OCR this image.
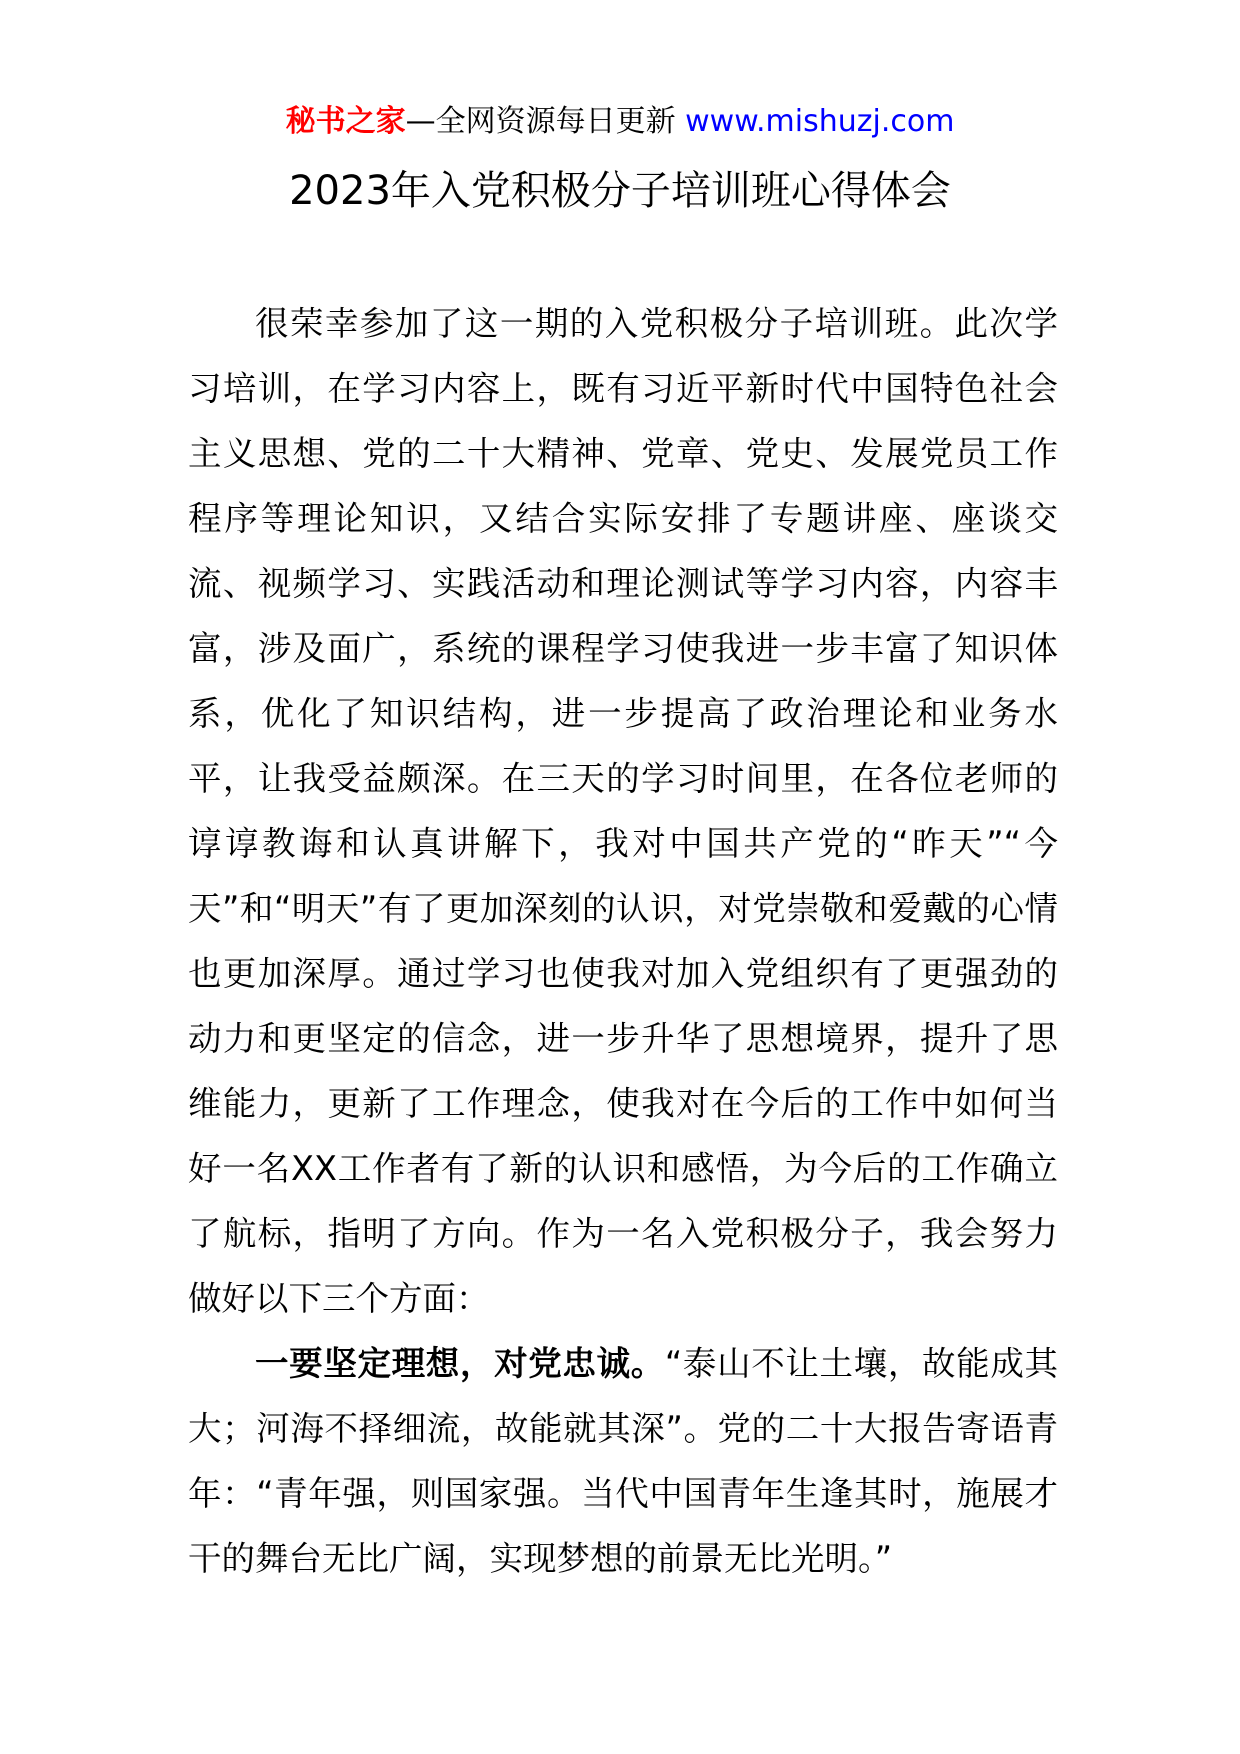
秘书之家—全网资源每日更新 www.mishuzj.com
2023年入党积极分子培训班心得体会

很荣幸参加了这一期的入党积极分子培训班。此次学习培训，在学习内容上，既有习近平新时代中国特色社会主义思想、党的二十大精神、党章、党史、发展党员工作程序等理论知识，又结合实际安排了专题讲座、座谈交流、视频学习、实践活动和理论测试等学习内容，内容丰富，涉及面广，系统的课程学习使我进一步丰富了知识体系，优化了知识结构，进一步提高了政治理论和业务水平，让我受益颇深。在三天的学习时间里，在各位老师的谆谆教诲和认真讲解下，我对中国共产党的“昨天”“今天”和“明天”有了更加深刻的认识，对党崇敬和爱戴的心情也更加深厚。通过学习也使我对加入党组织有了更强劲的动力和更坚定的信念，进一步升华了思想境界，提升了思维能力，更新了工作理念，使我对在今后的工作中如何当好一名XX工作者有了新的认识和感悟，为今后的工作确立了航标，指明了方向。作为一名入党积极分子，我会努力做好以下三个方面：

一要坚定理想，对党忠诚。“泰山不让土壤，故能成其大；河海不择细流，故能就其深”。党的二十大报告寄语青年：“青年强，则国家强。当代中国青年生逢其时，施展才干的舞台无比广阔，实现梦想的前景无比光明。”
